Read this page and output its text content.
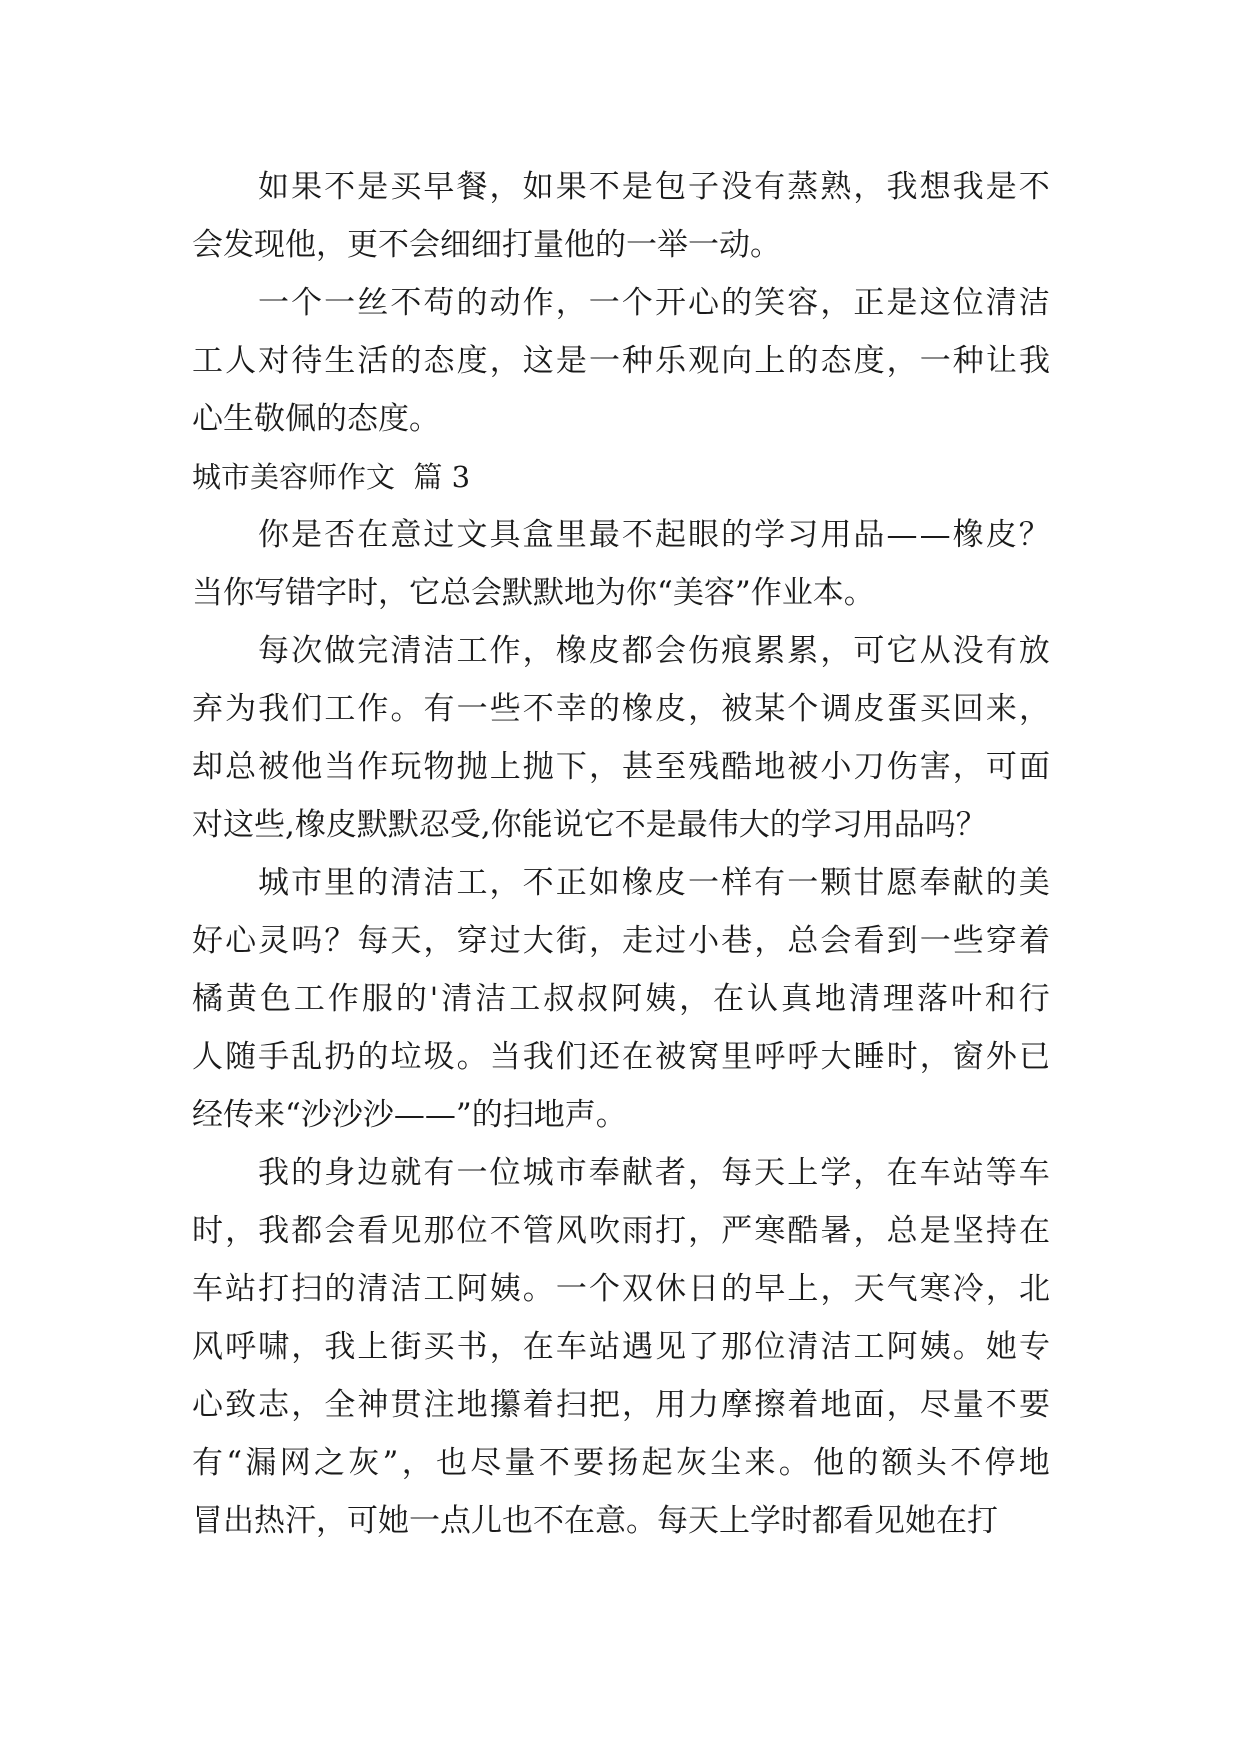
如 果 不 是 买 早 餐 ， 如 果 不 是 包 子 没 有 蒸 熟 ， 我 想 我 是 不
会发现他，更不会细细打量他的一举一动。
一 个 一 丝 不 苟 的 动 作 ， 一 个 开 心 的 笑 容 ， 正 是 这 位 清 洁
工 人 对 待 生 活 的 态 度 ， 这 是 一 种 乐 观 向 上 的 态 度 ， 一 种 让 我
心生敬佩的态度。
城市美容师作文  篇 3
你 是 否 在 意 过 文 具 盒 里 最 不 起 眼 的 学 习 用 品 — — 橡 皮 ？
当你写错字时，它总会默默地为你“美容”作业本。
每 次 做 完 清 洁 工 作 ， 橡 皮 都 会 伤 痕 累 累 ， 可 它 从 没 有 放
弃 为 我 们 工 作 。 有 一 些 不 幸 的 橡 皮 ， 被 某 个 调 皮 蛋 买 回 来 ，
却 总 被 他 当 作 玩 物 抛 上 抛 下 ， 甚 至 残 酷 地 被 小 刀 伤 害 ， 可 面
对这些,橡皮默默忍受,你能说它不是最伟大的学习用品吗？
城 市 里 的 清 洁 工 ， 不 正 如 橡 皮 一 样 有 一 颗 甘 愿 奉 献 的 美
好 心 灵 吗 ？ 每 天 ， 穿 过 大 街 ， 走 过 小 巷 ， 总 会 看 到 一 些 穿 着
橘 黄 色 工 作 服 的 ' 清 洁 工 叔 叔 阿 姨 ， 在 认 真 地 清 理 落 叶 和 行
人 随 手 乱 扔 的 垃 圾 。 当 我 们 还 在 被 窝 里 呼 呼 大 睡 时 ， 窗 外 已
经传来“沙沙沙——”的扫地声。
我 的 身 边 就 有 一 位 城 市 奉 献 者 ， 每 天 上 学 ， 在 车 站 等 车
时 ， 我 都 会 看 见 那 位 不 管 风 吹 雨 打 ， 严 寒 酷 暑 ， 总 是 坚 持 在
车 站 打 扫 的 清 洁 工 阿 姨 。 一 个 双 休 日 的 早 上 ， 天 气 寒 冷 ， 北
风 呼 啸 ， 我 上 街 买 书 ， 在 车 站 遇 见 了 那 位 清 洁 工 阿 姨 。 她 专
心 致 志 ， 全 神 贯 注 地 攥 着 扫 把 ， 用 力 摩 擦 着 地 面 ， 尽 量 不 要
有 “ 漏 网 之 灰 ” ， 也 尽 量 不 要 扬 起 灰 尘 来 。 他 的 额 头 不 停 地
冒出热汗，可她一点儿也不在意。每天上学时都看见她在打
